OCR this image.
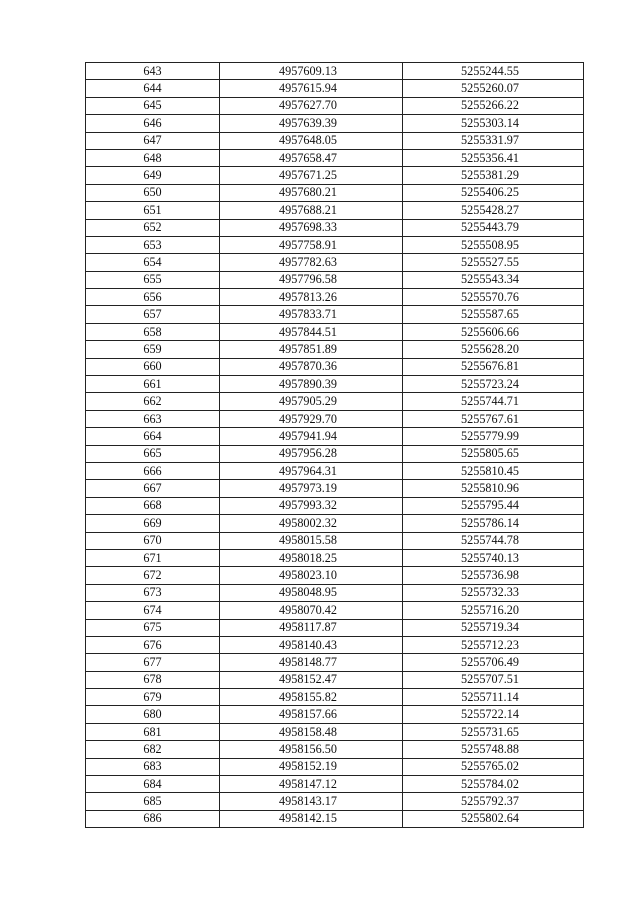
643	4957609.13	5255244.55
644	4957615.94	5255260.07
645	4957627.70	5255266.22
646	4957639.39	5255303.14
647	4957648.05	5255331.97
648	4957658.47	5255356.41
649	4957671.25	5255381.29
650	4957680.21	5255406.25
651	4957688.21	5255428.27
652	4957698.33	5255443.79
653	4957758.91	5255508.95
654	4957782.63	5255527.55
655	4957796.58	5255543.34
656	4957813.26	5255570.76
657	4957833.71	5255587.65
658	4957844.51	5255606.66
659	4957851.89	5255628.20
660	4957870.36	5255676.81
661	4957890.39	5255723.24
662	4957905.29	5255744.71
663	4957929.70	5255767.61
664	4957941.94	5255779.99
665	4957956.28	5255805.65
666	4957964.31	5255810.45
667	4957973.19	5255810.96
668	4957993.32	5255795.44
669	4958002.32	5255786.14
670	4958015.58	5255744.78
671	4958018.25	5255740.13
672	4958023.10	5255736.98
673	4958048.95	5255732.33
674	4958070.42	5255716.20
675	4958117.87	5255719.34
676	4958140.43	5255712.23
677	4958148.77	5255706.49
678	4958152.47	5255707.51
679	4958155.82	5255711.14
680	4958157.66	5255722.14
681	4958158.48	5255731.65
682	4958156.50	5255748.88
683	4958152.19	5255765.02
684	4958147.12	5255784.02
685	4958143.17	5255792.37
686	4958142.15	5255802.64
